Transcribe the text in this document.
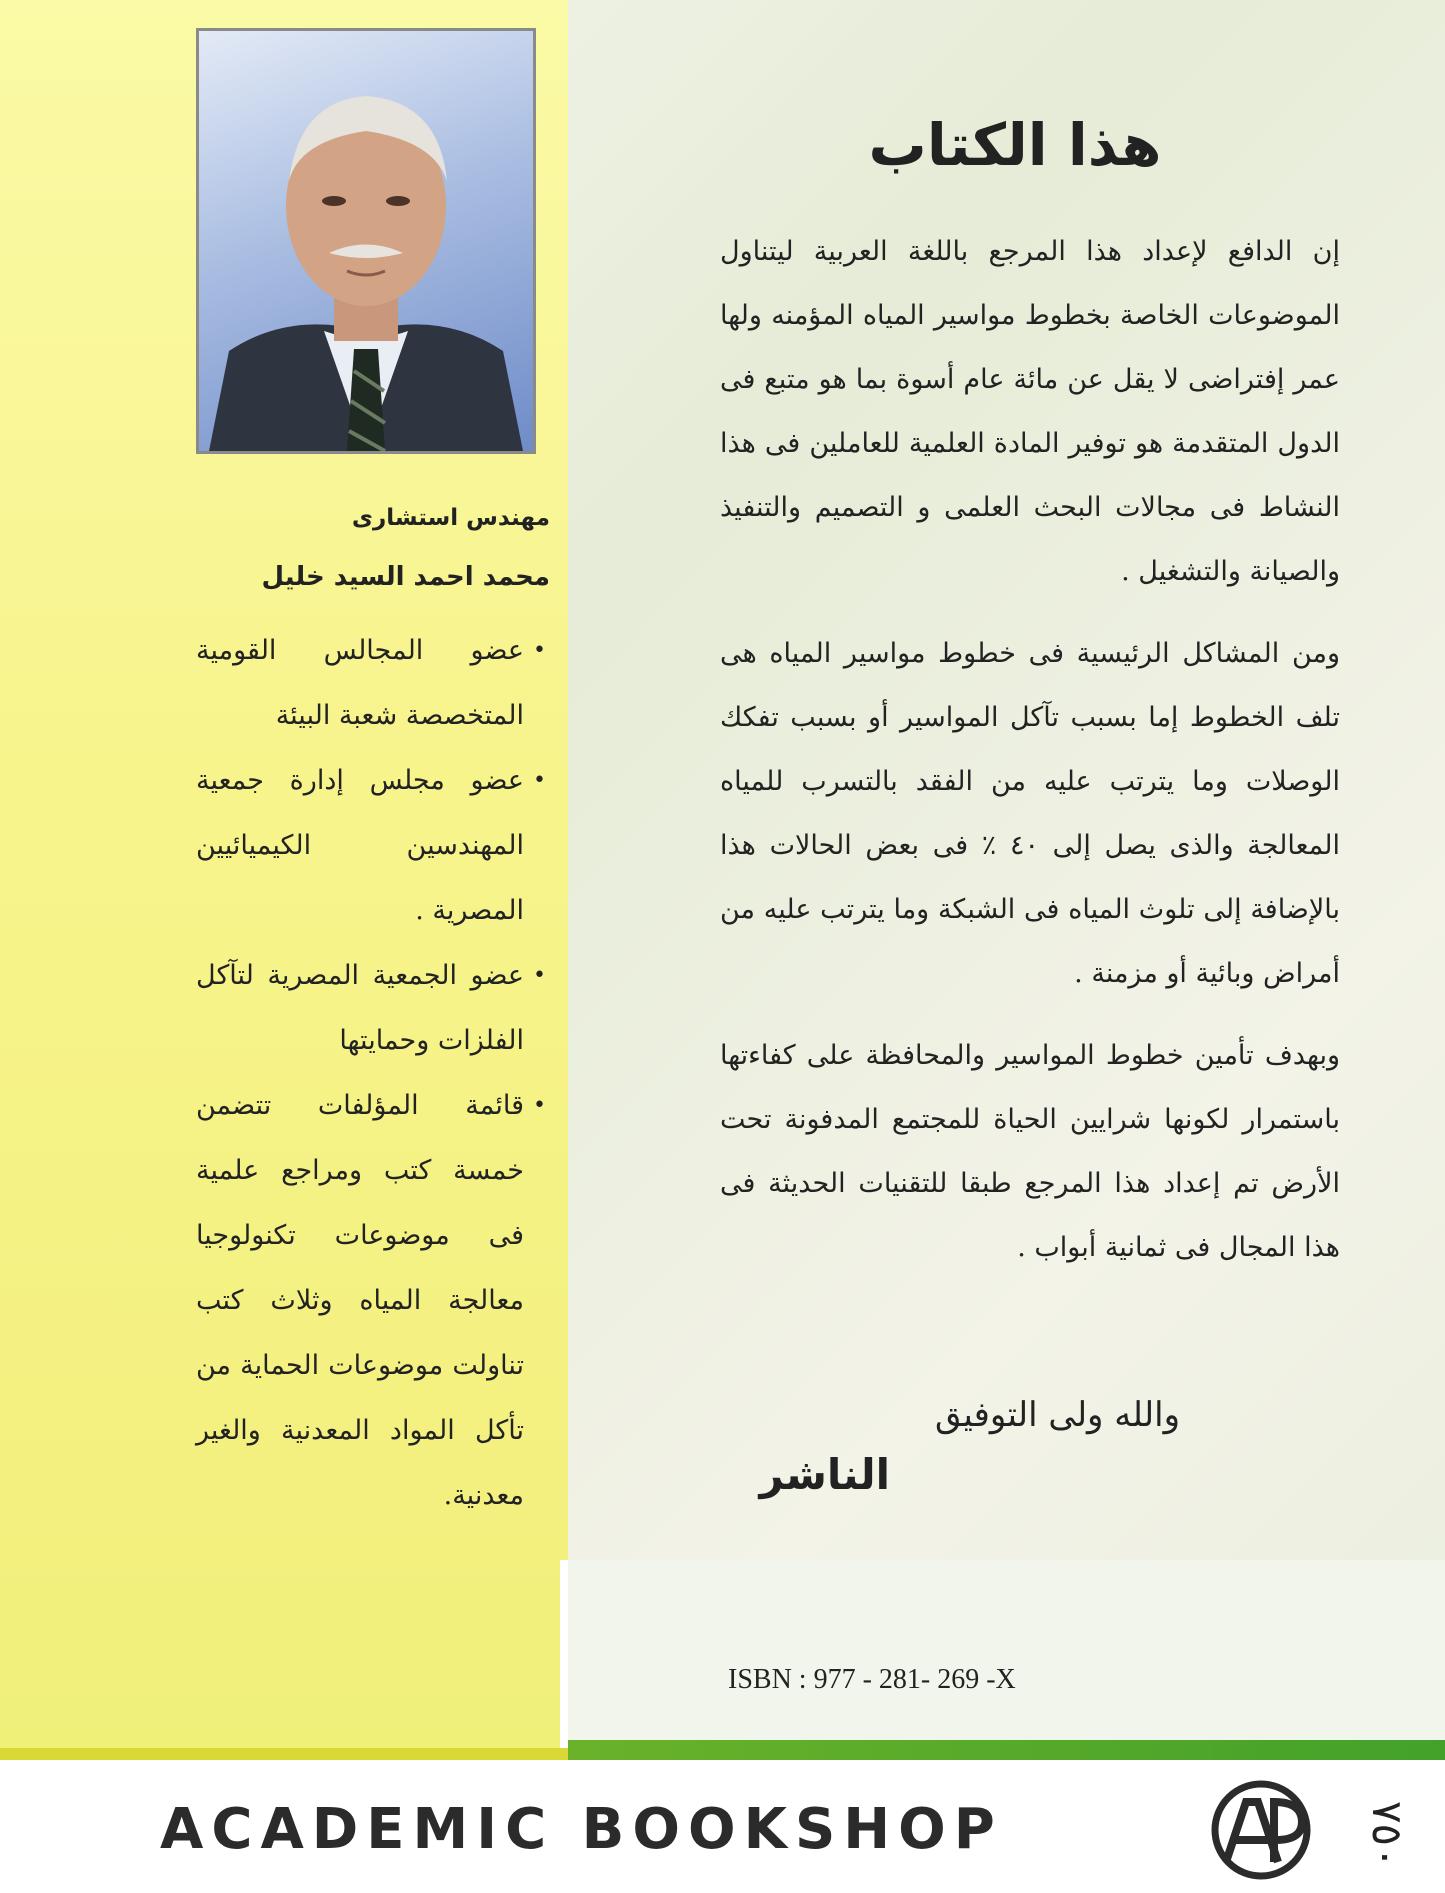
هذا الكتاب

إن الدافع لإعداد هذا المرجع باللغة العربية ليتناول الموضوعات الخاصة بخطوط مواسير المياه المؤمنه ولها عمر إفتراضى لا يقل عن مائة عام أسوة بما هو متبع فى الدول المتقدمة هو توفير المادة العلمية للعاملين فى هذا النشاط فى مجالات البحث العلمى و التصميم والتنفيذ والصيانة والتشغيل .

ومن المشاكل الرئيسية فى خطوط مواسير المياه هى تلف الخطوط إما بسبب تآكل المواسير أو بسبب تفكك الوصلات وما يترتب عليه من الفقد بالتسرب للمياه المعالجة والذى يصل إلى ٤٠ ٪ فى بعض الحالات هذا بالإضافة إلى تلوث المياه فى الشبكة وما يترتب عليه من أمراض وبائية أو مزمنة .

وبهدف تأمين خطوط المواسير والمحافظة على كفاءتها باستمرار لكونها شرايين الحياة للمجتمع المدفونة تحت الأرض تم إعداد هذا المرجع طبقا للتقنيات الحديثة فى هذا المجال فى ثمانية أبواب .

والله ولى التوفيق
الناشر
ISBN : 977 - 281- 269 -X
مهندس استشارى
محمد احمد السيد خليل
•
عضو المجالس القومية المتخصصة شعبة البيئة
•
عضو مجلس إدارة جمعية المهندسين الكيميائيين المصرية .
•
عضو الجمعية المصرية لتآكل الفلزات وحمايتها
•
قائمة المؤلفات تتضمن خمسة كتب ومراجع علمية فى موضوعات تكنولوجيا معالجة المياه وثلاث كتب تناولت موضوعات الحماية من تأكل المواد المعدنية والغير معدنية.
ACADEMIC BOOKSHOP	٧٥٠
